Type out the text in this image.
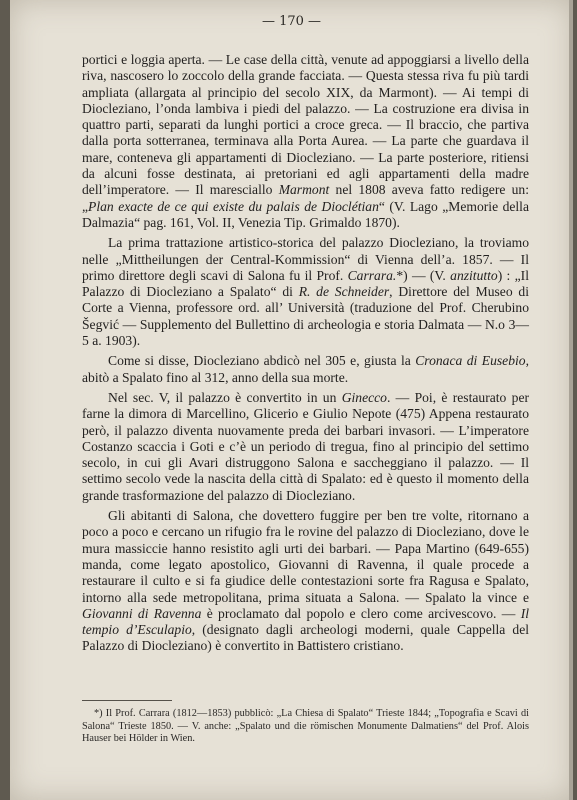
— 170 —

portici e loggia aperta. — Le case della città, venute ad appoggiarsi a livello della riva, nascosero lo zoccolo della grande facciata. — Questa stessa riva fu più tardi ampliata (allargata al principio del secolo XIX, da Marmont). — Ai tempi di Diocleziano, l’onda lambiva i piedi del palazzo. — La costruzione era divisa in quattro parti, separati da lunghi portici a croce greca. — Il braccio, che partiva dalla porta sotterranea, terminava alla Porta Aurea. — La parte che guardava il mare, conteneva gli appartamenti di Diocleziano. — La parte posteriore, ritiensi da alcuni fosse destinata, ai pretoriani ed agli appartamenti della madre dell’imperatore. — Il maresciallo Marmont nel 1808 aveva fatto redigere un: „Plan exacte de ce qui existe du palais de Dioclétian“ (V. Lago „Memorie della Dalmazia“ pag. 161, Vol. II, Venezia Tip. Grimaldo 1870).

La prima trattazione artistico-storica del palazzo Diocleziano, la troviamo nelle „Mittheilungen der Central-Kommission“ di Vienna dell’a. 1857. — Il primo direttore degli scavi di Salona fu il Prof. Carrara.*) — (V. anzitutto) : „Il Palazzo di Diocleziano a Spalato“ di R. de Schneider, Direttore del Museo di Corte a Vienna, professore ord. all’ Università (traduzione del Prof. Cherubino Šegvić — Supplemento del Bullettino di archeologia e storia Dalmata — N.o 3—5 a. 1903).

Come si disse, Diocleziano abdicò nel 305 e, giusta la Cronaca di Eusebio, abitò a Spalato fino al 312, anno della sua morte.

Nel sec. V, il palazzo è convertito in un Ginecco. — Poi, è restaurato per farne la dimora di Marcellino, Glicerio e Giulio Nepote (475) Appena restaurato però, il palazzo diventa nuovamente preda dei barbari invasori. — L’imperatore Costanzo scaccia i Goti e c’è un periodo di tregua, fino al principio del settimo secolo, in cui gli Avari distruggono Salona e saccheggiano il palazzo. — Il settimo secolo vede la nascita della città di Spalato: ed è questo il momento della grande trasformazione del palazzo di Diocleziano.

Gli abitanti di Salona, che dovettero fuggire per ben tre volte, ritornano a poco a poco e cercano un rifugio fra le rovine del palazzo di Diocleziano, dove le mura massiccie hanno resistito agli urti dei barbari. — Papa Martino (649-655) manda, come legato apostolico, Giovanni di Ravenna, il quale procede a restaurare il culto e si fa giudice delle contestazioni sorte fra Ragusa e Spalato, intorno alla sede metropolitana, prima situata a Salona. — Spalato la vince e Giovanni di Ravenna è proclamato dal popolo e clero come arcivescovo. — Il tempio d’Esculapio, (designato dagli archeologi moderni, quale Cappella del Palazzo di Diocleziano) è convertito in Battistero cristiano.

*) Il Prof. Carrara (1812—1853) pubblicò: „La Chiesa di Spalato“ Trieste 1844; „Topografia e Scavi di Salona“ Trieste 1850. — V. anche: „Spalato und die römischen Monumente Dalmatiens“ del Prof. Alois Hauser bei Hölder in Wien.
